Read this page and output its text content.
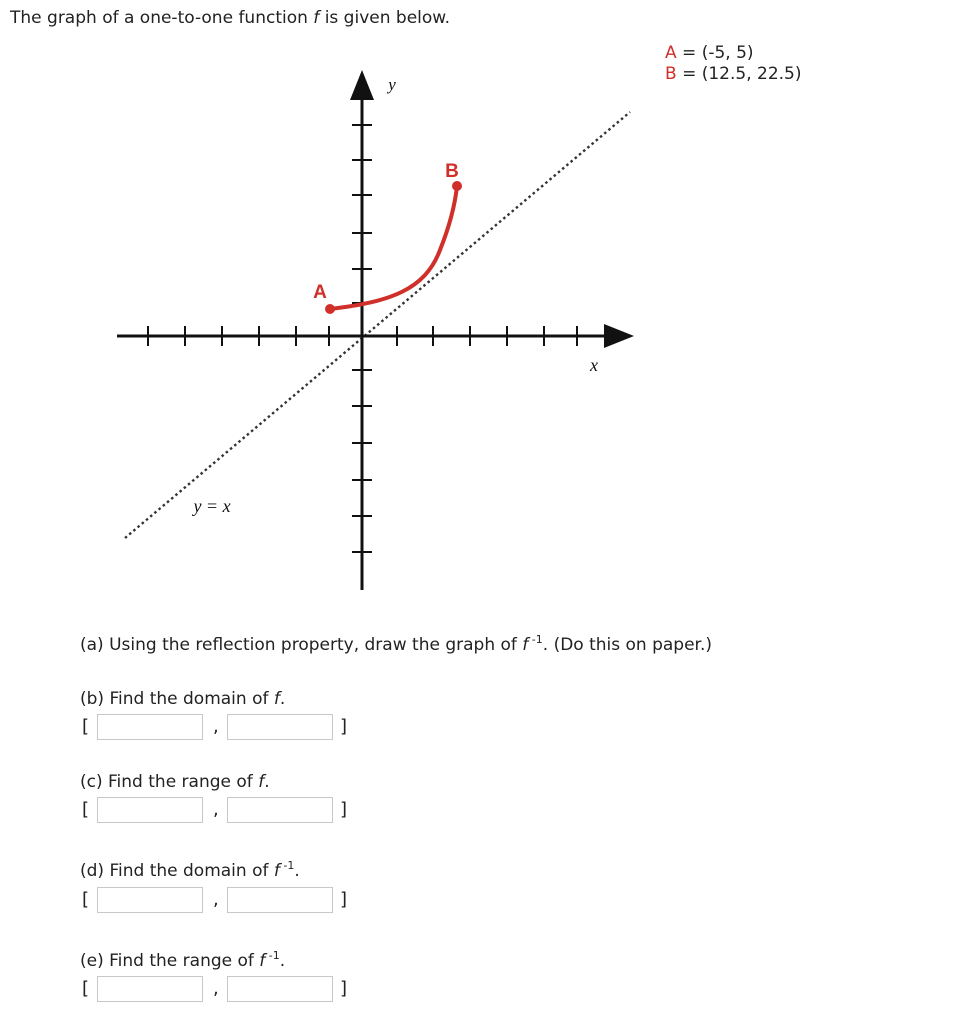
The graph of a one-to-one function f is given below.
A = (-5, 5)
B = (12.5, 22.5)
A
B
y
x
y = x
(a) Using the reflection property, draw the graph of f $^{-1}$. (Do this on paper.)
(b) Find the domain of f.
[	,	]
(c) Find the range of f.
[	,	]
(d) Find the domain of f $^{-1}$.
[	,	]
(e) Find the range of f $^{-1}$.
[	,	]
